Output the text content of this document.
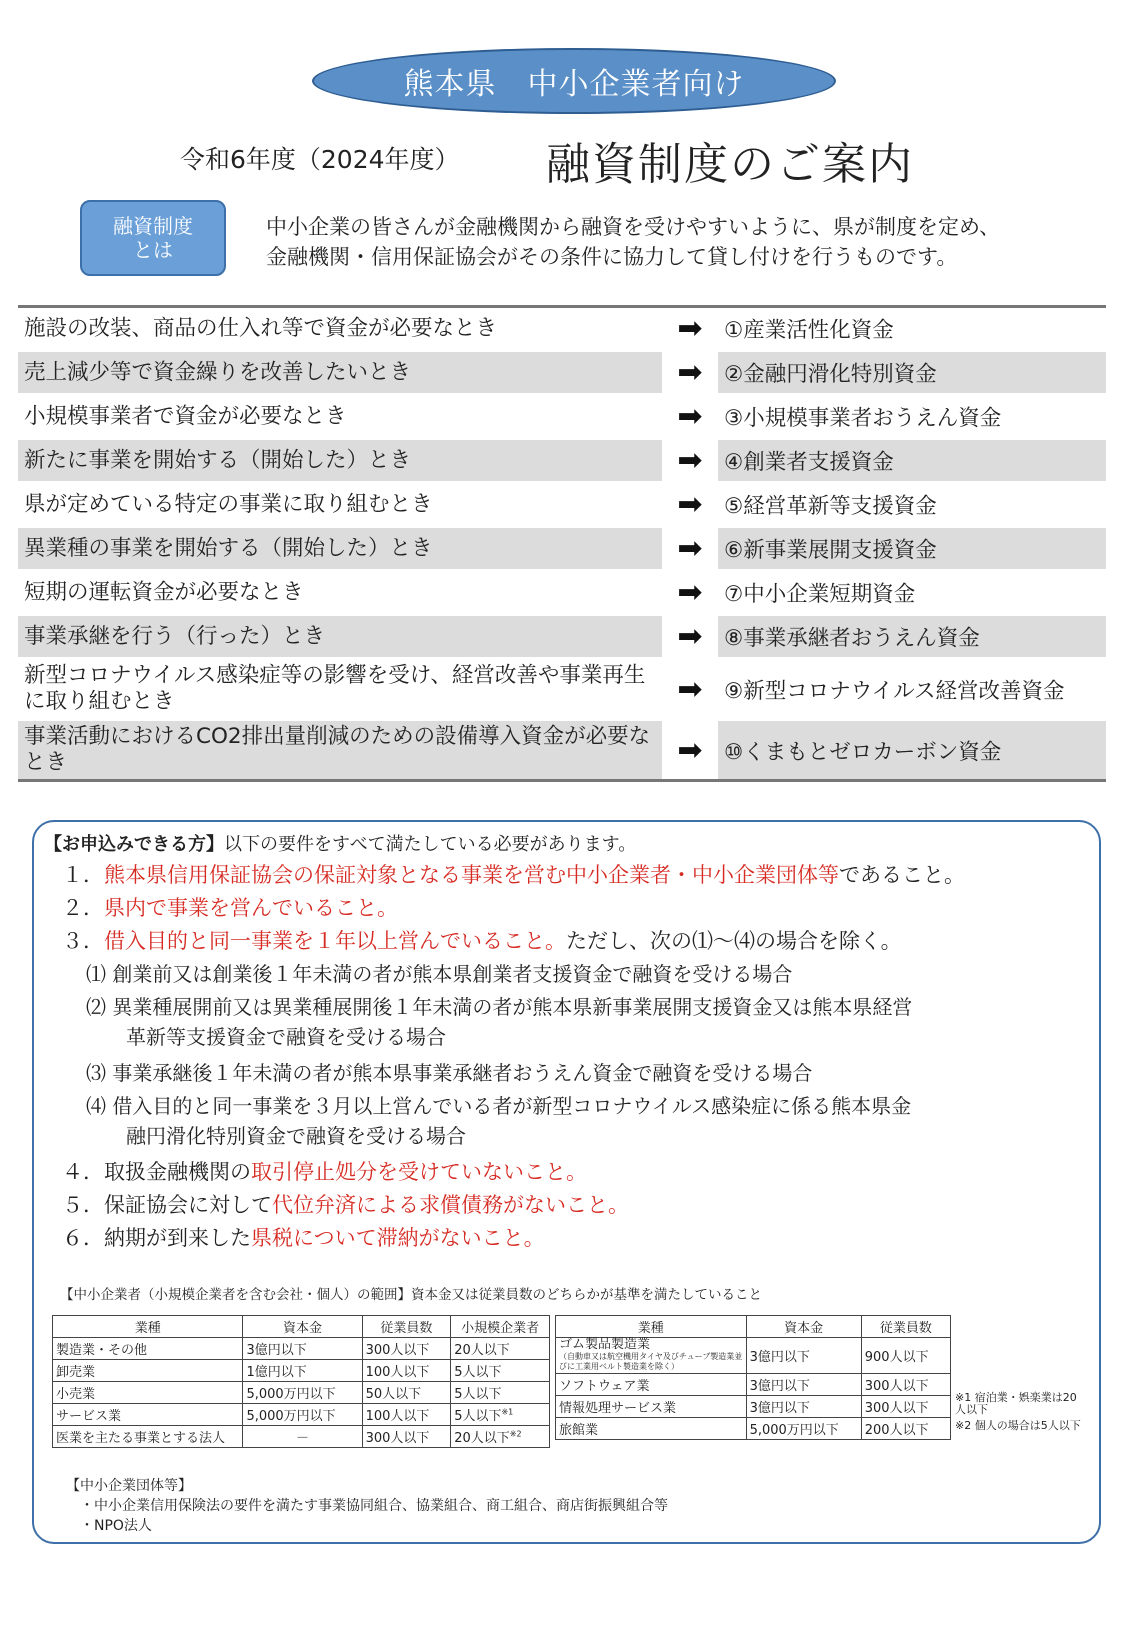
熊本県　中小企業者向け
令和6年度（2024年度） 融資制度のご案内
融資制度
とは
中小企業の皆さんが金融機関から融資を受けやすいように、県が制度を定め、
金融機関・信用保証協会がその条件に協力して貸し付けを行うものです。
施設の改装、商品の仕入れ等で資金が必要なとき	➡ ①産業活性化資金
売上減少等で資金繰りを改善したいとき	➡ ②金融円滑化特別資金
小規模事業者で資金が必要なとき	➡ ③小規模事業者おうえん資金
新たに事業を開始する（開始した）とき	➡ ④創業者支援資金
県が定めている特定の事業に取り組むとき	➡ ⑤経営革新等支援資金
異業種の事業を開始する（開始した）とき	➡ ⑥新事業展開支援資金
短期の運転資金が必要なとき	➡ ⑦中小企業短期資金
事業承継を行う（行った）とき	➡ ⑧事業承継者おうえん資金
新型コロナウイルス感染症等の影響を受け、経営改善や事業再生に取り組むとき	➡ ⑨新型コロナウイルス経営改善資金
事業活動におけるCO2排出量削減のための設備導入資金が必要なとき	➡ ⑩くまもとゼロカーボン資金
【お申込みできる方】以下の要件をすべて満たしている必要があります。
１．熊本県信用保証協会の保証対象となる事業を営む中小企業者・中小企業団体等であること。
２．県内で事業を営んでいること。
３．借入目的と同一事業を１年以上営んでいること。ただし、次の⑴～⑷の場合を除く。
⑴ 創業前又は創業後１年未満の者が熊本県創業者支援資金で融資を受ける場合
⑵ 異業種展開前又は異業種展開後１年未満の者が熊本県新事業展開支援資金又は熊本県経営
革新等支援資金で融資を受ける場合
⑶ 事業承継後１年未満の者が熊本県事業承継者おうえん資金で融資を受ける場合
⑷ 借入目的と同一事業を３月以上営んでいる者が新型コロナウイルス感染症に係る熊本県金
融円滑化特別資金で融資を受ける場合
４．取扱金融機関の取引停止処分を受けていないこと。
５．保証協会に対して代位弁済による求償債務がないこと。
６．納期が到来した県税について滞納がないこと。
【中小企業者（小規模企業者を含む会社・個人）の範囲】資本金又は従業員数のどちらかが基準を満たしていること
業種	資本金	従業員数	小規模企業者
製造業・その他	3億円以下	300人以下	20人以下
卸売業	1億円以下	100人以下	5人以下
小売業	5,000万円以下	50人以下	5人以下
サービス業	5,000万円以下	100人以下	5人以下$^{※1}$
医業を主たる事業とする法人	－	300人以下	20人以下$^{※2}$
業種	資本金	従業員数

ゴム製品製造業
（自動車又は航空機用タイヤ及びチューブ製造業並びに工業用ベルト製造業を除く）	3億円以下	900人以下
ソフトウェア業	3億円以下	300人以下
情報処理サービス業	3億円以下	300人以下
旅館業	5,000万円以下	200人以下
※1 宿泊業・娯楽業は20人以下
※2 個人の場合は5人以下
【中小企業団体等】
・中小企業信用保険法の要件を満たす事業協同組合、協業組合、商工組合、商店街振興組合等
・NPO法人
